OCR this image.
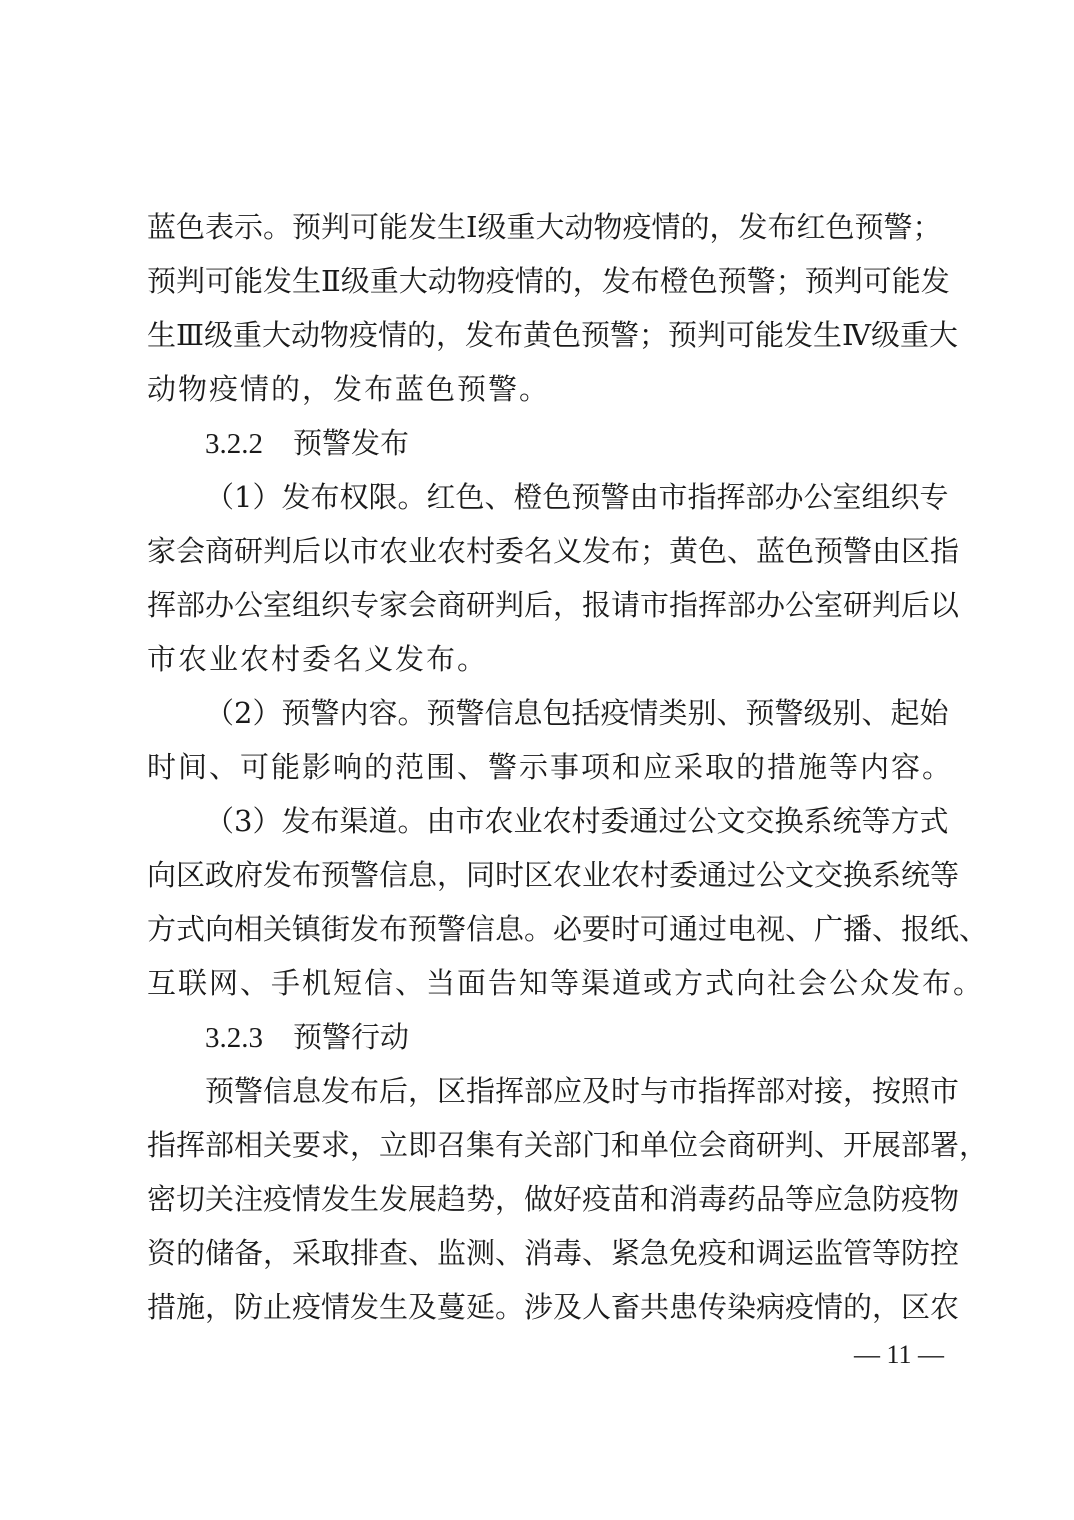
蓝色表示。预判可能发生Ⅰ级重大动物疫情的，发布红色预警；
预判可能发生Ⅱ级重大动物疫情的，发布橙色预警；预判可能发
生Ⅲ级重大动物疫情的，发布黄色预警；预判可能发生Ⅳ级重大
动物疫情的，发布蓝色预警。
3.2.2 预警发布
（1）发布权限。红色、橙色预警由市指挥部办公室组织专
家会商研判后以市农业农村委名义发布；黄色、蓝色预警由区指
挥部办公室组织专家会商研判后，报请市指挥部办公室研判后以
市农业农村委名义发布。
（2）预警内容。预警信息包括疫情类别、预警级别、起始
时间、可能影响的范围、警示事项和应采取的措施等内容。
（3）发布渠道。由市农业农村委通过公文交换系统等方式
向区政府发布预警信息，同时区农业农村委通过公文交换系统等
方式向相关镇街发布预警信息。必要时可通过电视、广播、报纸、
互联网、手机短信、当面告知等渠道或方式向社会公众发布。
3.2.3 预警行动
预警信息发布后，区指挥部应及时与市指挥部对接，按照市
指挥部相关要求，立即召集有关部门和单位会商研判、开展部署，
密切关注疫情发生发展趋势，做好疫苗和消毒药品等应急防疫物
资的储备，采取排查、监测、消毒、紧急免疫和调运监管等防控
措施，防止疫情发生及蔓延。涉及人畜共患传染病疫情的，区农
— 11 —
